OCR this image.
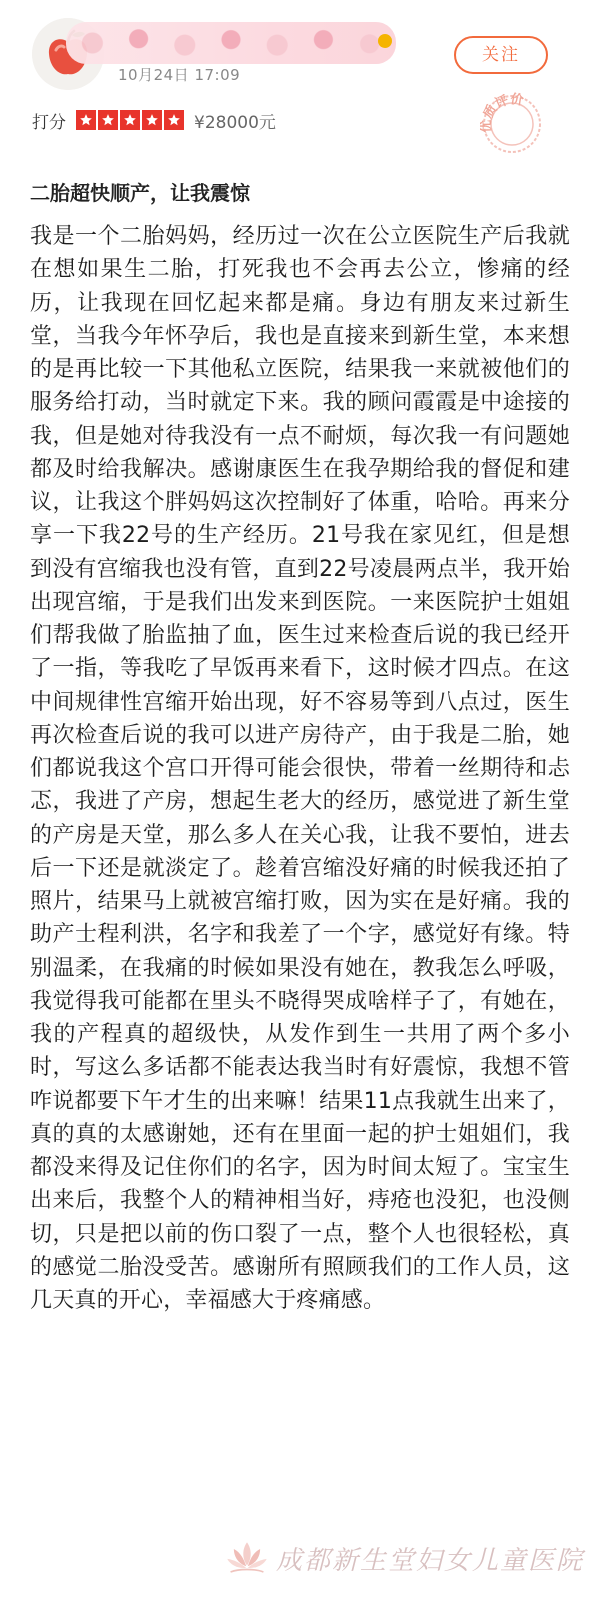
10月24日 17:09
关注
打分	¥28000元	优质评价
二胎超快顺产，让我震惊

我是一个二胎妈妈，经历过一次在公立医院生产后我就在想如果生二胎，打死我也不会再去公立，惨痛的经历，让我现在回忆起来都是痛。身边有朋友来过新生堂，当我今年怀孕后，我也是直接来到新生堂，本来想的是再比较一下其他私立医院，结果我一来就被他们的服务给打动，当时就定下来。我的顾问霞霞是中途接的我，但是她对待我没有一点不耐烦，每次我一有问题她都及时给我解决。感谢康医生在我孕期给我的督促和建议，让我这个胖妈妈这次控制好了体重，哈哈。再来分享一下我22号的生产经历。21号我在家见红，但是想到没有宫缩我也没有管，直到22号凌晨两点半，我开始出现宫缩，于是我们出发来到医院。一来医院护士姐姐们帮我做了胎监抽了血，医生过来检查后说的我已经开了一指，等我吃了早饭再来看下，这时候才四点。在这中间规律性宫缩开始出现，好不容易等到八点过，医生再次检查后说的我可以进产房待产，由于我是二胎，她们都说我这个宫口开得可能会很快，带着一丝期待和忐忑，我进了产房，想起生老大的经历，感觉进了新生堂的产房是天堂，那么多人在关心我，让我不要怕，进去后一下还是就淡定了。趁着宫缩没好痛的时候我还拍了照片，结果马上就被宫缩打败，因为实在是好痛。我的助产士程利洪，名字和我差了一个字，感觉好有缘。特别温柔，在我痛的时候如果没有她在，教我怎么呼吸，我觉得我可能都在里头不晓得哭成啥样子了，有她在，我的产程真的超级快，从发作到生一共用了两个多小时，写这么多话都不能表达我当时有好震惊，我想不管咋说都要下午才生的出来嘛！结果11点我就生出来了，真的真的太感谢她，还有在里面一起的护士姐姐们，我都没来得及记住你们的名字，因为时间太短了。宝宝生出来后，我整个人的精神相当好，痔疮也没犯，也没侧切，只是把以前的伤口裂了一点，整个人也很轻松，真的感觉二胎没受苦。感谢所有照顾我们的工作人员，这几天真的开心，幸福感大于疼痛感。

成都新生堂妇女儿童医院
